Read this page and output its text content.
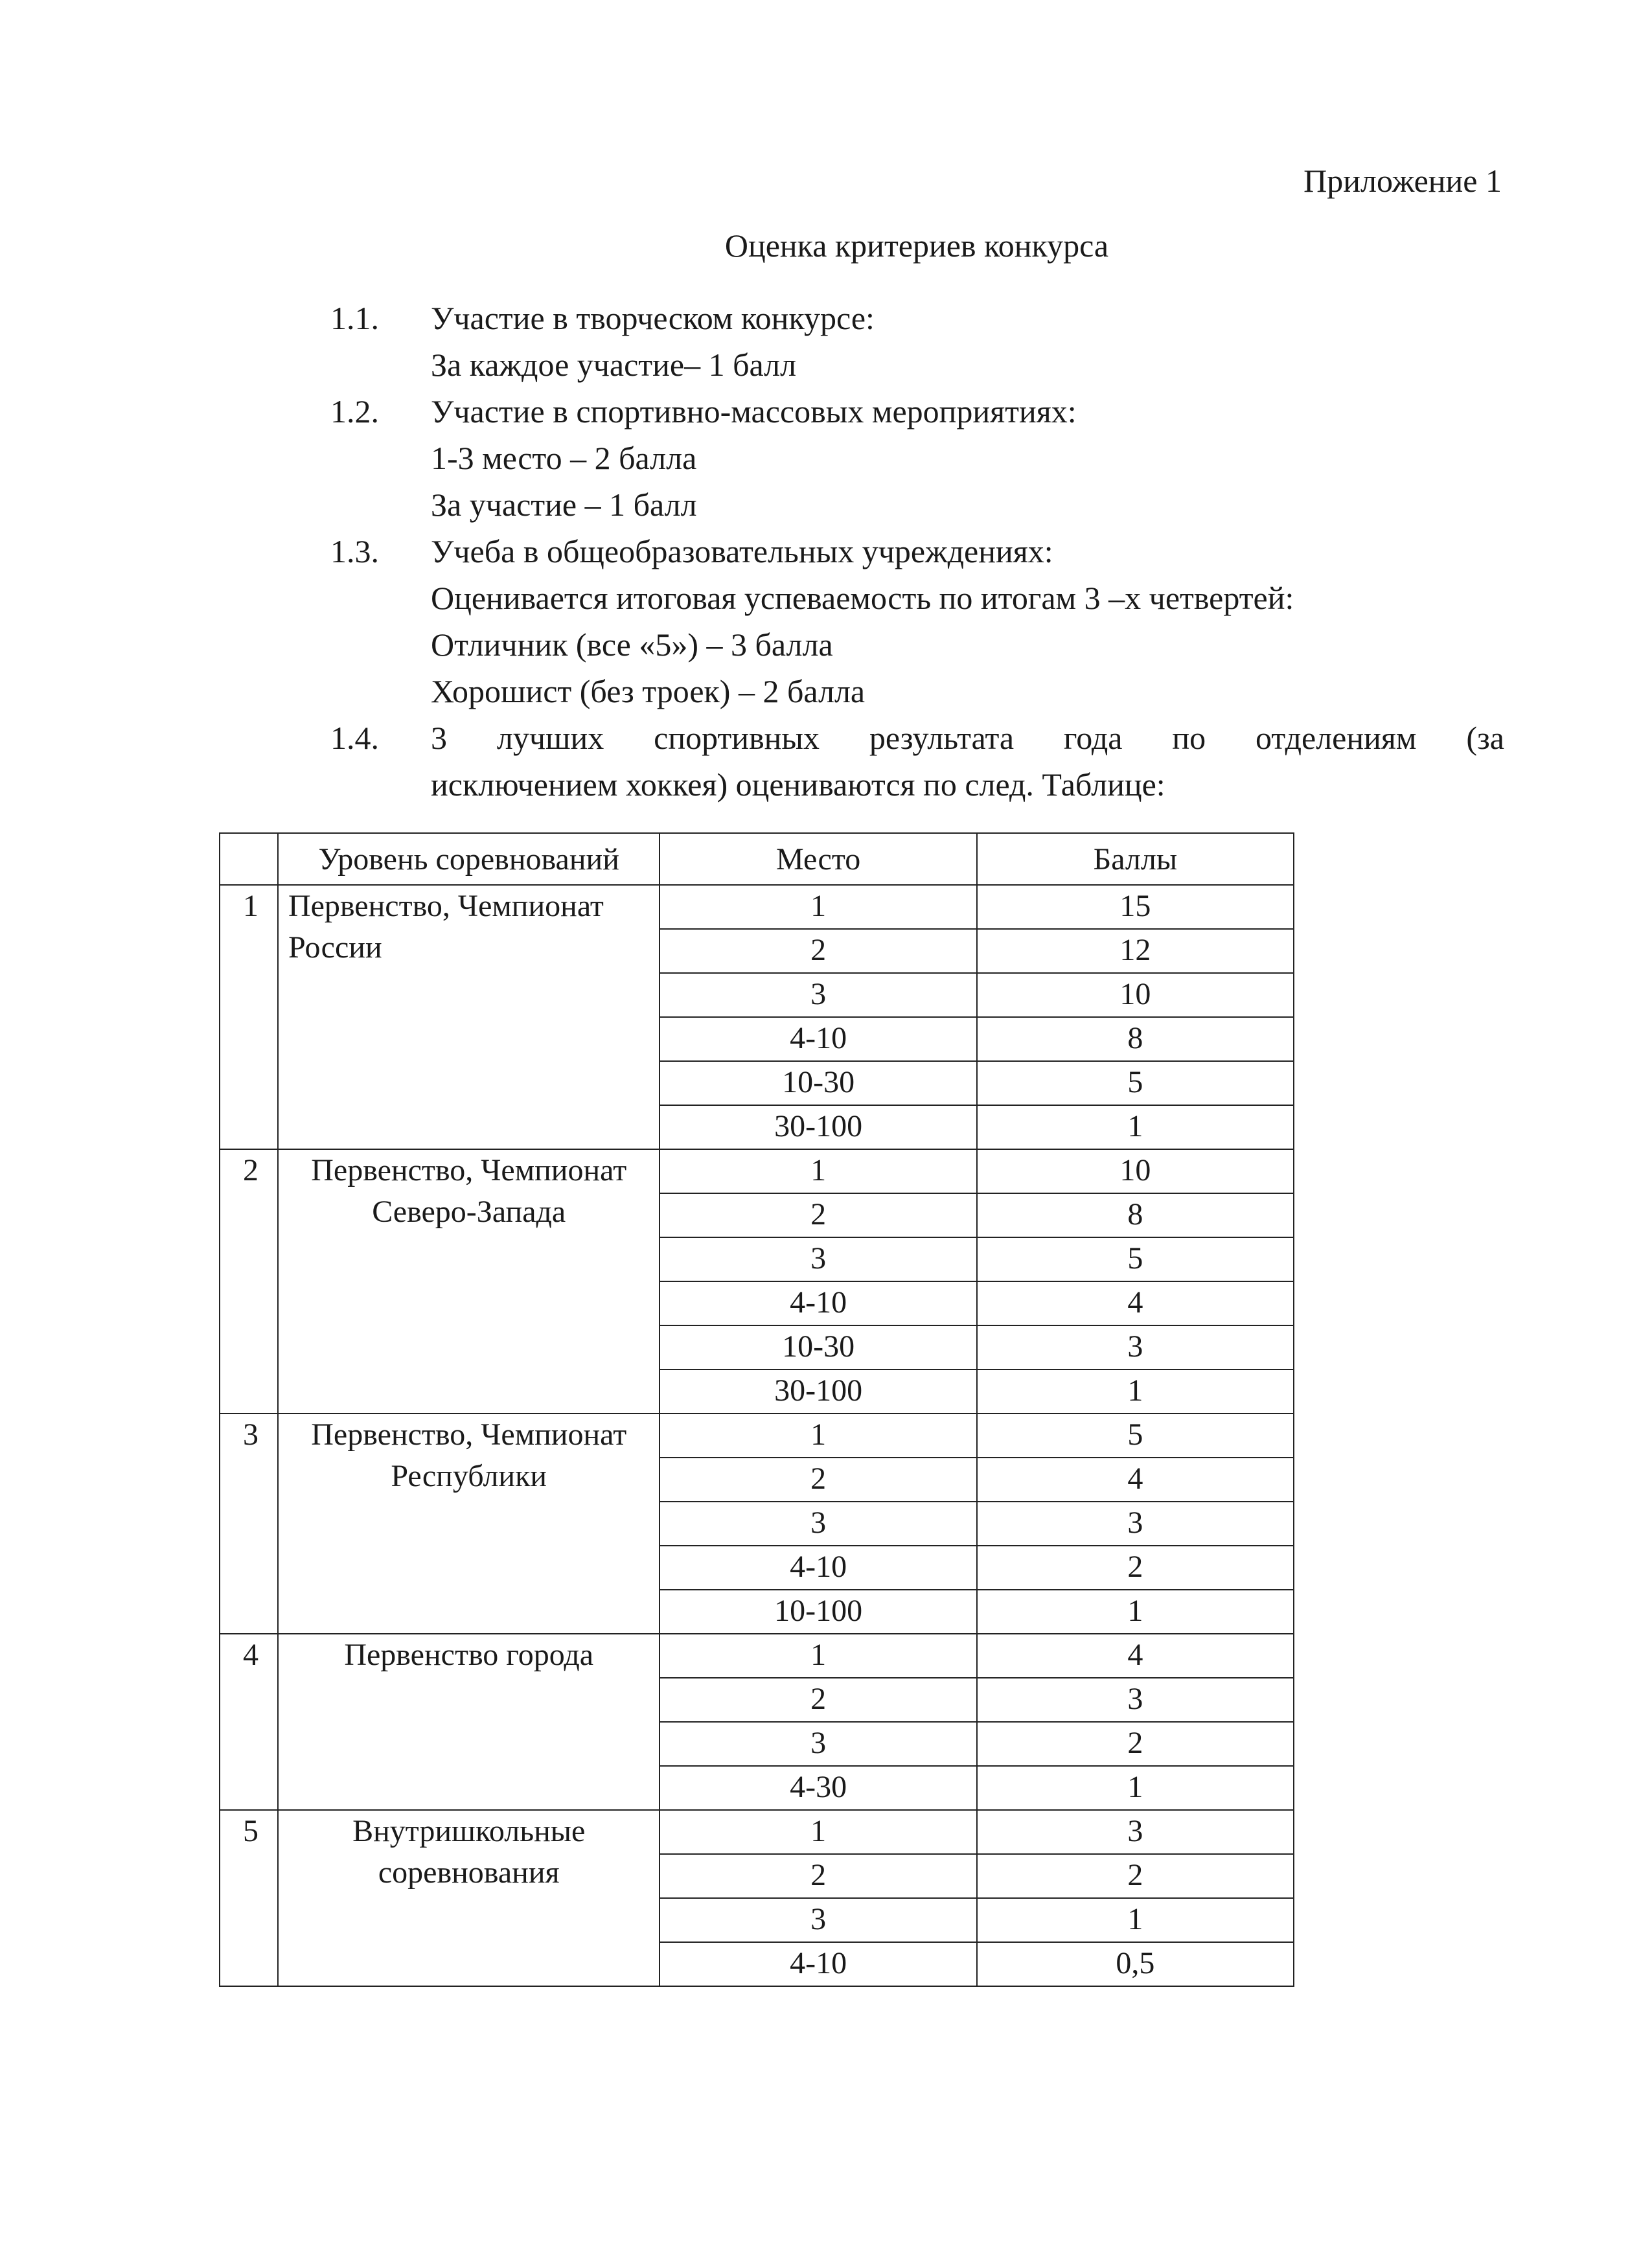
Приложение 1

Оценка критериев конкурса
1.1.	Участие в творческом конкурсе:
За каждое участие– 1 балл
1.2.	Участие в спортивно-массовых мероприятиях:
1-3 место – 2 балла
За участие – 1 балл
1.3.	Учеба в общеобразовательных учреждениях:
Оценивается итоговая успеваемость по итогам 3 –х четвертей:
Отличник (все «5») – 3 балла
Хорошист (без троек) – 2 балла
1.4.	3 лучших спортивных результата года по отделениям (за
исключением хоккея) оцениваются по след. Таблице:
	Уровень соревнований	Место	Баллы
1	Первенство, Чемпионат России	1	15
		2	12
		3	10
		4-10	8
		10-30	5
		30-100	1
2	Первенство, Чемпионат Северо-Запада	1	10
		2	8
		3	5
		4-10	4
		10-30	3
		30-100	1
3	Первенство, Чемпионат Республики	1	5
		2	4
		3	3
		4-10	2
		10-100	1
4	Первенство города	1	4
		2	3
		3	2
		4-30	1
5	Внутришкольные соревнования	1	3
		2	2
		3	1
		4-10	0,5
